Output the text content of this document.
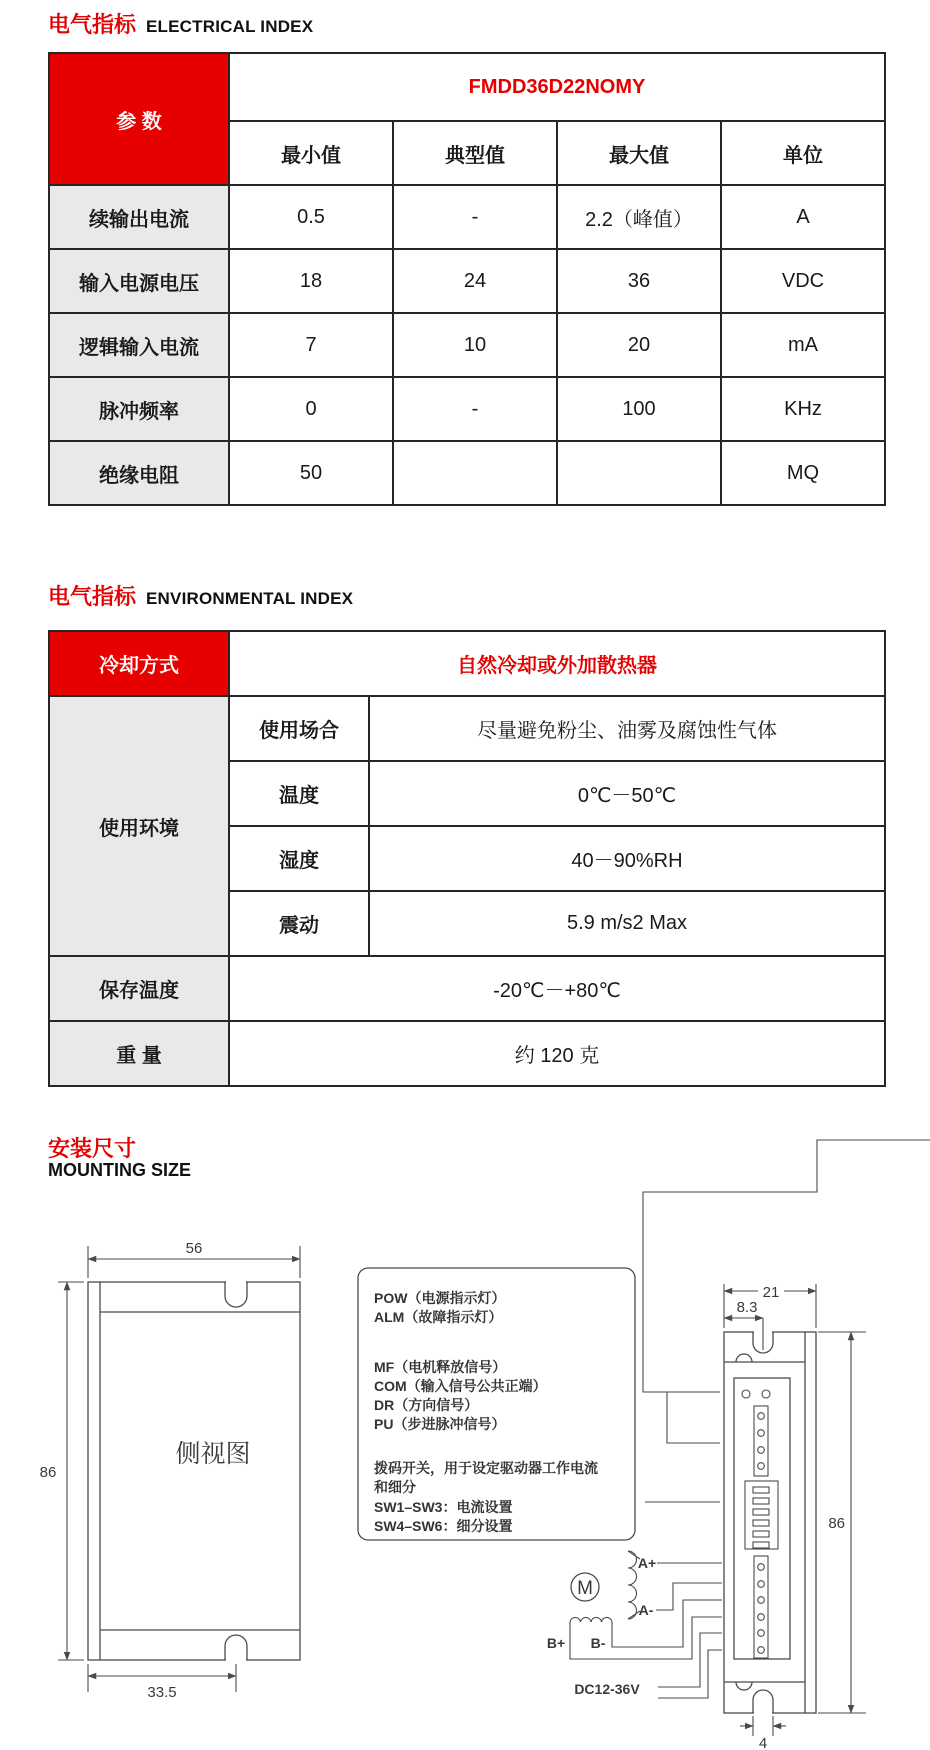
电气指标 ELECTRICAL INDEX
参 数	FMDD36D22NOMY			
	最小值	典型值	最大值	单位
续输出电流	0.5	-	2.2（峰值）	A
输入电源电压	18	24	36	VDC
逻辑输入电流	7	10	20	mA
脉冲频率	0	-	100	KHz
绝缘电阻	50			MQ
电气指标 ENVIRONMENTAL INDEX
冷却方式	自然冷却或外加散热器	
使用环境	使用场合	尽量避免粉尘、油雾及腐蚀性气体
	温度	0℃－50℃
	湿度	40－90%RH
	震动	5.9 m/s2 Max
保存温度	-20℃－+80℃	
重 量	约 120 克	
安装尺寸
MOUNTING SIZE
侧视图
56
86
33.5
POW（电源指示灯）
ALM（故障指示灯）
MF（电机释放信号）
COM（输入信号公共正端）
DR（方向信号）
PU（步进脉冲信号）
拨码开关，用于设定驱动器工作电流
和细分
SW1–SW3：电流设置
SW4–SW6：细分设置
M
A+
A-
B+ B-
DC12-36V
21
8.3
86
4
